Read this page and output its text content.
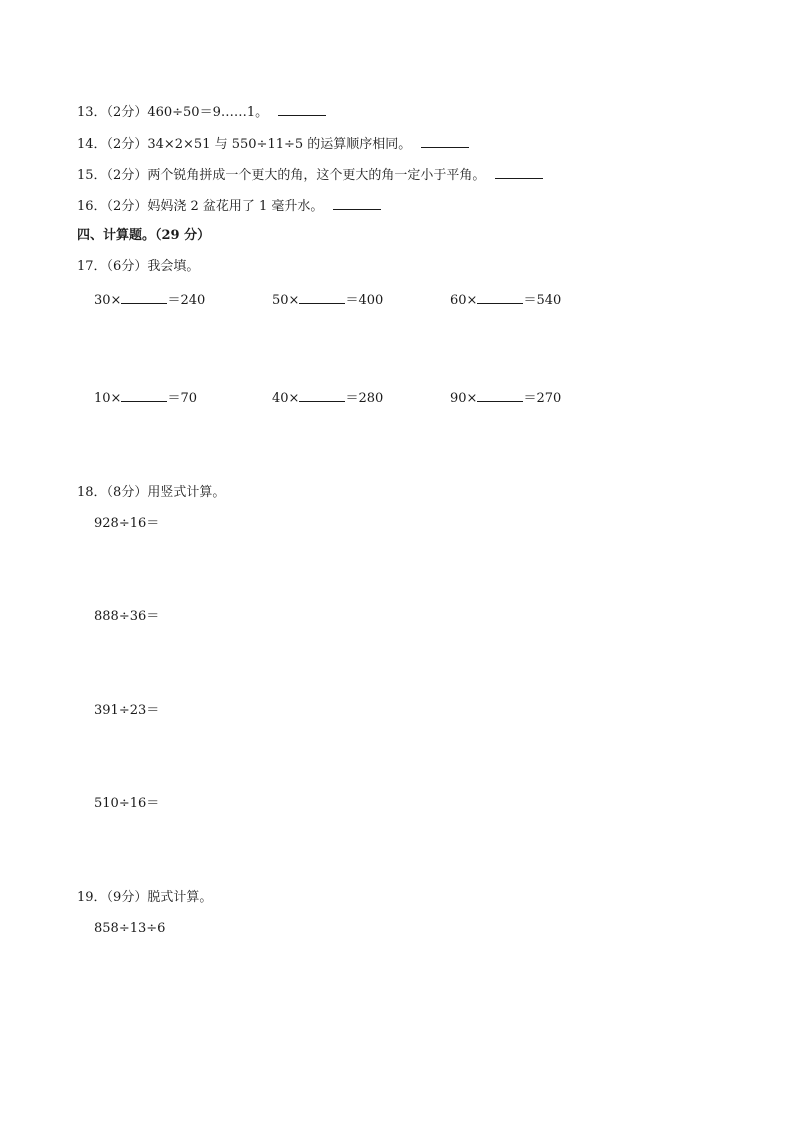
13．（2分）460÷50＝9……1。
14．（2分）34×2×51 与 550÷11÷5 的运算顺序相同。
15．（2分）两个锐角拼成一个更大的角，这个更大的角一定小于平角。
16．（2分）妈妈浇 2 盆花用了 1 毫升水。
四、计算题。（29 分）
17．（6分）我会填。
30×	＝240	50×	＝400	60×	＝540
10×	＝70	40×	＝280	90×	＝270
18．（8分）用竖式计算。
928÷16＝
888÷36＝
391÷23＝
510÷16＝
19．（9分）脱式计算。
858÷13÷6
